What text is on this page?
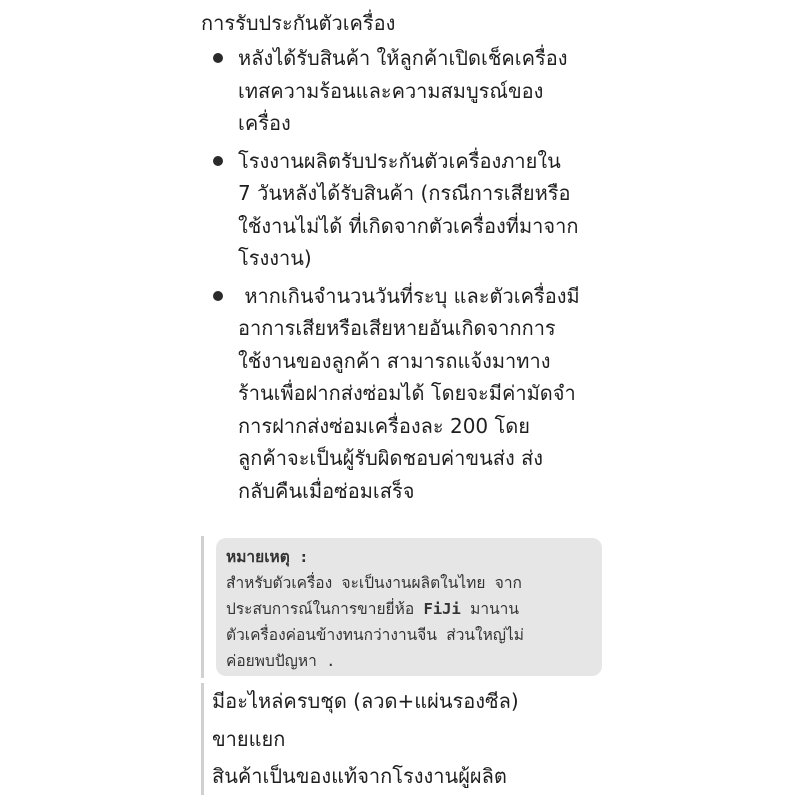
การรับประกันตัวเครื่อง
หลังได้รับสินค้า ให้ลูกค้าเปิดเช็คเครื่อง
เทสความร้อนและความสมบูรณ์ของ
เครื่อง
โรงงานผลิตรับประกันตัวเครื่องภายใน
7 วันหลังได้รับสินค้า (กรณีการเสียหรือ
ใช้งานไม่ได้ ที่เกิดจากตัวเครื่องที่มาจาก
โรงงาน)
หากเกินจำนวนวันที่ระบุ และตัวเครื่องมี
อาการเสียหรือเสียหายอันเกิดจากการ
ใช้งานของลูกค้า สามารถแจ้งมาทาง
ร้านเพื่อฝากส่งซ่อมได้ โดยจะมีค่ามัดจำ
การฝากส่งซ่อมเครื่องละ 200 โดย
ลูกค้าจะเป็นผู้รับผิดชอบค่าขนส่ง ส่ง
กลับคืนเมื่อซ่อมเสร็จ
หมายเหตุ :
สำหรับตัวเครื่อง จะเป็นงานผลิตในไทย จาก
ประสบการณ์ในการขายยี่ห้อ FiJi มานาน
ตัวเครื่องค่อนข้างทนกว่างานจีน ส่วนใหญ่ไม่
ค่อยพบปัญหา .
มีอะไหล่ครบชุด (ลวด+แผ่นรองซีล)
ขายแยก
สินค้าเป็นของแท้จากโรงงานผู้ผลิต
